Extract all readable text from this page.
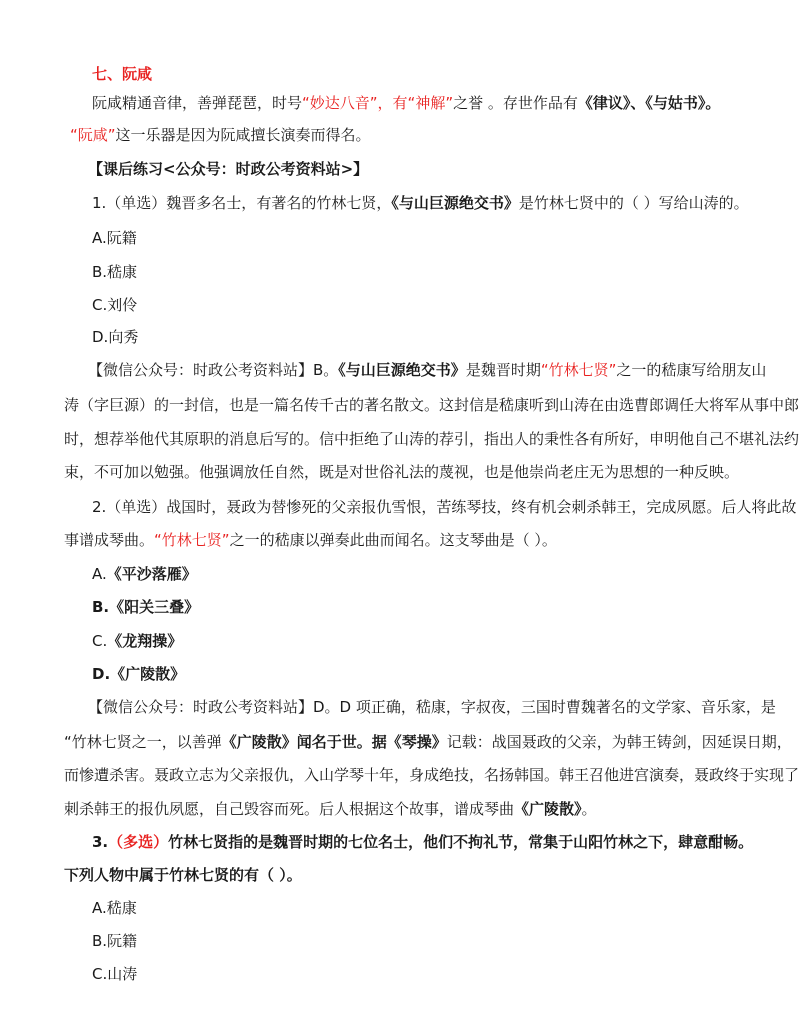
七、阮咸
阮咸精通音律，善弹琵琶，时号“妙达八音”，有“神解”之誉 。存世作品有《律议》、《与姑书》。
“阮咸”这一乐器是因为阮咸擅长演奏而得名。
【课后练习<公众号：时政公考资料站>】
1.（单选）魏晋多名士，有著名的竹林七贤，《与山巨源绝交书》是竹林七贤中的（ ）写给山涛的。
A.阮籍
B.嵇康
C.刘伶
D.向秀
【微信公众号：时政公考资料站】B。《与山巨源绝交书》是魏晋时期“竹林七贤”之一的嵇康写给朋友山
涛（字巨源）的一封信，也是一篇名传千古的著名散文。这封信是嵇康听到山涛在由选曹郎调任大将军从事中郎
时，想荐举他代其原职的消息后写的。信中拒绝了山涛的荐引，指出人的秉性各有所好，申明他自己不堪礼法约
束，不可加以勉强。他强调放任自然，既是对世俗礼法的蔑视，也是他崇尚老庄无为思想的一种反映。
2.（单选）战国时，聂政为替惨死的父亲报仇雪恨，苦练琴技，终有机会刺杀韩王，完成夙愿。后人将此故
事谱成琴曲。“竹林七贤”之一的嵇康以弹奏此曲而闻名。这支琴曲是（ ）。
A.《平沙落雁》
B.《阳关三叠》
C.《龙翔操》
D.《广陵散》
【微信公众号：时政公考资料站】D。D 项正确，嵇康，字叔夜，三国时曹魏著名的文学家、音乐家，是
“竹林七贤之一，以善弹《广陵散》闻名于世。据《琴操》记载：战国聂政的父亲，为韩王铸剑，因延误日期，
而惨遭杀害。聂政立志为父亲报仇，入山学琴十年，身成绝技，名扬韩国。韩王召他进宫演奏，聂政终于实现了
刺杀韩王的报仇夙愿，自己毁容而死。后人根据这个故事，谱成琴曲《广陵散》。
3.（多选）竹林七贤指的是魏晋时期的七位名士，他们不拘礼节，常集于山阳竹林之下，肆意酣畅。
下列人物中属于竹林七贤的有（ ）。
A.嵇康
B.阮籍
C.山涛
